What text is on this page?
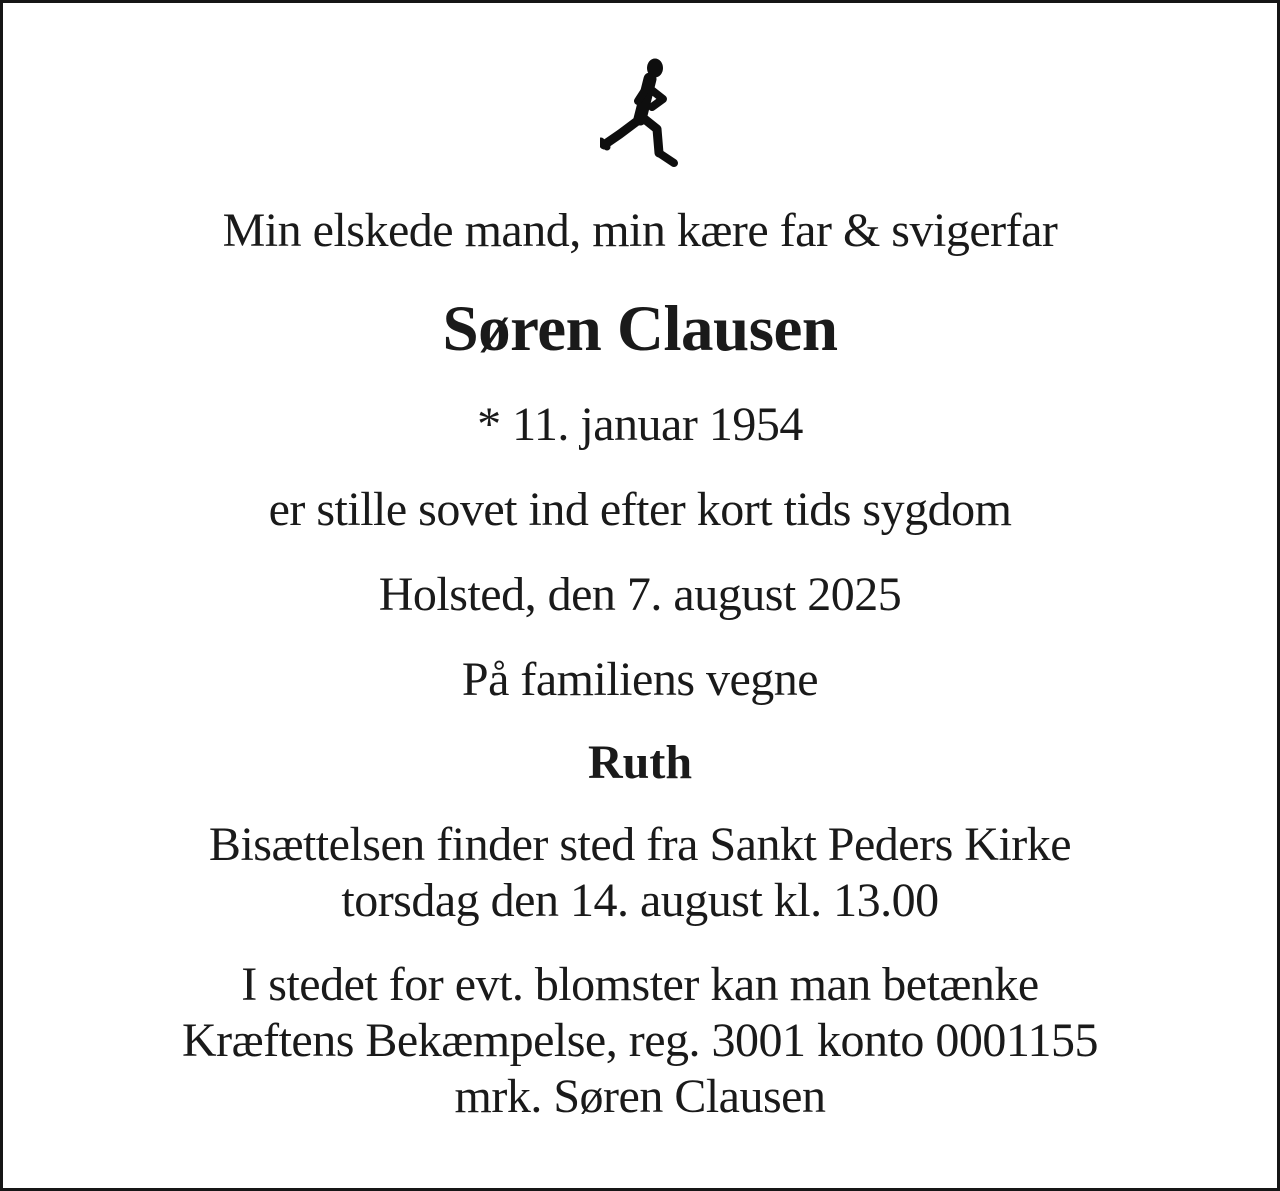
Min elskede mand, min kære far & svigerfar
Søren Clausen
* 11. januar 1954
er stille sovet ind efter kort tids sygdom
Holsted, den 7. august 2025
På familiens vegne
Ruth
Bisættelsen finder sted fra Sankt Peders Kirke
torsdag den 14. august kl. 13.00
I stedet for evt. blomster kan man betænke
Kræftens Bekæmpelse, reg. 3001 konto 0001155
mrk. Søren Clausen
